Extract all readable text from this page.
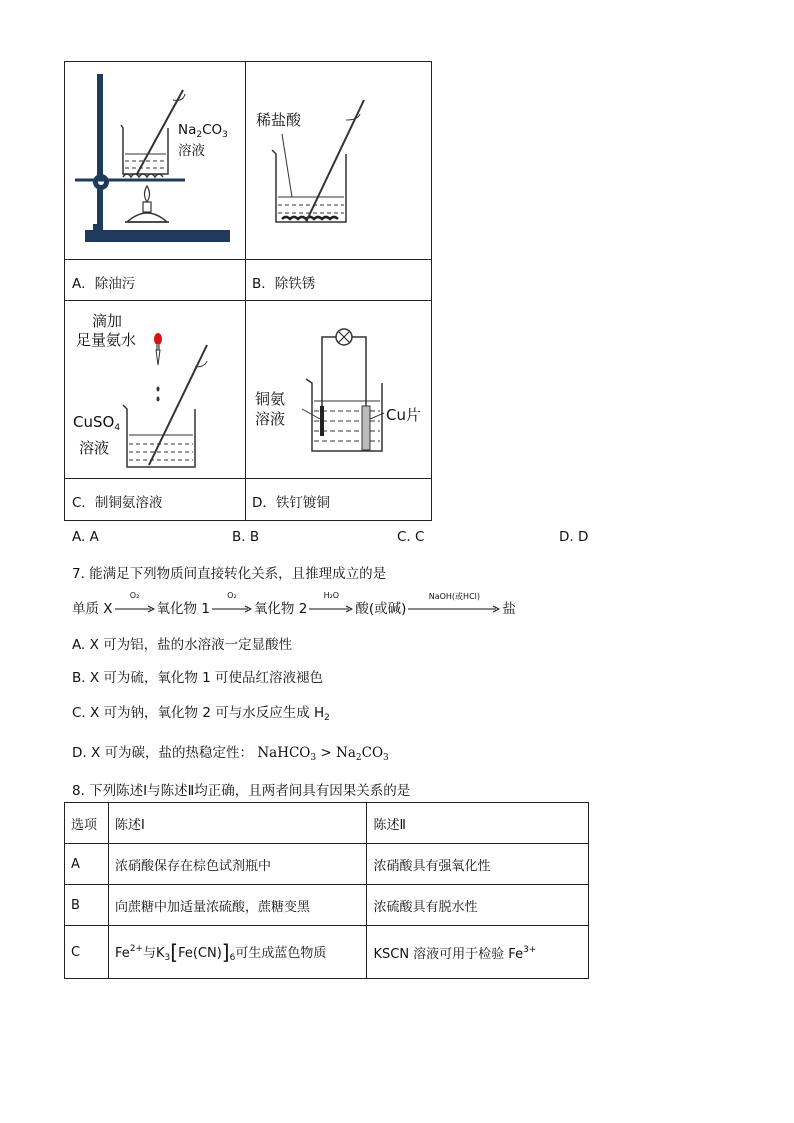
$Na_2CO_3$
溶液
A．除油污
稀盐酸
B．除铁锈
滴加
足量氨水
CuSO$_4$
溶液
C．制铜氨溶液
铜氨
溶液	Cu片
D．铁钉镀铜
A. A	B. B	C. C	D. D
7. 能满足下列物质间直接转化关系，且推理成立的是
单质 X
O₂
氧化物 1
O₂
氧化物 2
H₂O
酸(或碱)
NaOH(或HCl)
盐
A. X 可为铝，盐的水溶液一定显酸性
B. X 可为硫，氧化物 1 可使品红溶液褪色
C. X 可为钠，氧化物 2 可与水反应生成 $H_2$
D. X 可为碳，盐的热稳定性： NaHCO$_3$ > $Na_2CO_3$
8. 下列陈述Ⅰ与陈述Ⅱ均正确，且两者间具有因果关系的是
选项	陈述Ⅰ	陈述Ⅱ
A	浓硝酸保存在棕色试剂瓶中	浓硝酸具有强氧化性
B	向蔗糖中加适量浓硫酸，蔗糖变黑	浓硫酸具有脱水性
C	$Fe^{2+}$与$K_3[Fe(CN)]_6$可生成蓝色物质	KSCN 溶液可用于检验 $Fe^{3+}$
